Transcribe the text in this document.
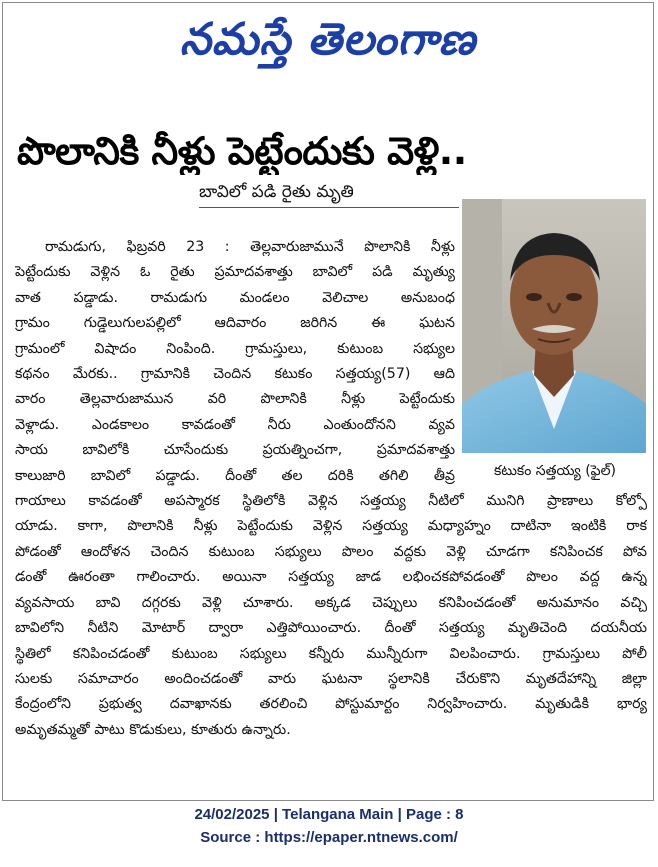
నమస్తే తెలంగాణ
పొలానికి నీళ్లు పెట్టేందుకు వెళ్లి..
బావిలో పడి రైతు మృతి
కటుకం సత్తయ్య (ఫైల్)
రామడుగు, ఫిబ్రవరి 23 : తెల్లవారుజామునే పొలానికి నీళ్లు
పెట్టేందుకు వెళ్లిన ఓ రైతు ప్రమాదవశాత్తు బావిలో పడి మృత్యు
వాత పడ్డాడు. రామడుగు మండలం వెలిచాల అనుబంధ
గ్రామం గుడ్డెలుగులపల్లిలో ఆదివారం జరిగిన ఈ ఘటన
గ్రామంలో విషాదం నింపింది. గ్రామస్తులు, కుటుంబ సభ్యుల
కథనం మేరకు.. గ్రామానికి చెందిన కటుకం సత్తయ్య(57) ఆది
వారం తెల్లవారుజామున వరి పొలానికి నీళ్లు పెట్టేందుకు
వెళ్లాడు. ఎండకాలం కావడంతో నీరు ఎంతుందోనని వ్యవ
సాయ బావిలోకి చూసేందుకు ప్రయత్నించగా, ప్రమాదవశాత్తు
కాలుజారి బావిలో పడ్డాడు. దీంతో తల దరికి తగిలి తీవ్ర
గాయాలు కావడంతో అపస్మారక స్థితిలోకి వెళ్లిన సత్తయ్య నీటిలో మునిగి ప్రాణాలు కోల్పో
యాడు. కాగా, పొలానికి నీళ్లు పెట్టేందుకు వెళ్లిన సత్తయ్య మధ్యాహ్నం దాటినా ఇంటికి రాక
పోడంతో ఆందోళన చెందిన కుటుంబ సభ్యులు పొలం వద్దకు వెళ్లి చూడగా కనిపించక పోవ
డంతో ఊరంతా గాలించారు. అయినా సత్తయ్య జాడ లభించకపోవడంతో పొలం వద్ద ఉన్న
వ్యవసాయ బావి దగ్గరకు వెళ్లి చూశారు. అక్కడ చెప్పులు కనిపించడంతో అనుమానం వచ్చి
బావిలోని నీటిని మోటార్ ద్వారా ఎత్తిపోయించారు. దీంతో సత్తయ్య మృతిచెంది దయనీయ
స్థితిలో కనిపించడంతో కుటుంబ సభ్యులు కన్నీరు మున్నీరుగా విలపించారు. గ్రామస్తులు పోలీ
సులకు సమాచారం అందించడంతో వారు ఘటనా స్థలానికి చేరుకొని మృతదేహాన్ని జిల్లా
కేంద్రంలోని ప్రభుత్వ దవాఖానకు తరలించి పోస్టుమార్టం నిర్వహించారు. మృతుడికి భార్య
అమృతమ్మతో పాటు కొడుకులు, కూతురు ఉన్నారు.
24/02/2025 | Telangana Main | Page : 8
Source : https://epaper.ntnews.com/
